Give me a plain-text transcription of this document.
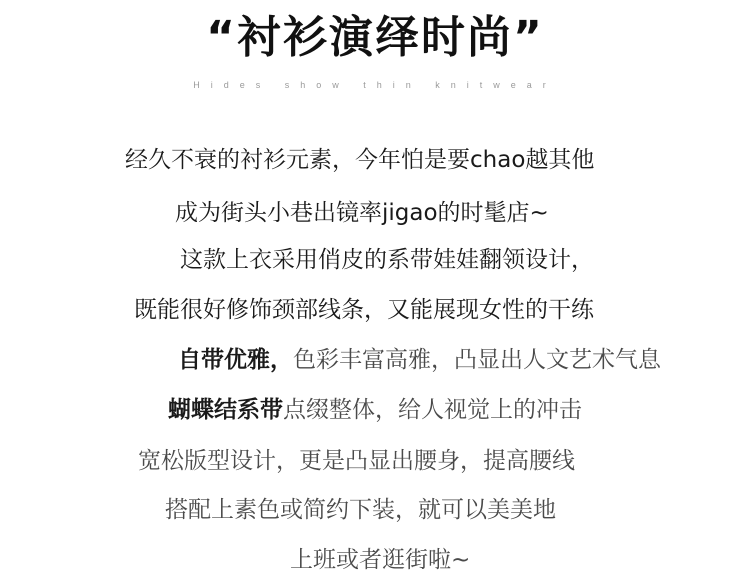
“衬衫演绎时尚”
Hides show thin knitwear
经久不衰的衬衫元素，今年怕是要chao越其他
成为街头小巷出镜率jigao的时髦店~
这款上衣采用俏皮的系带娃娃翻领设计，
既能很好修饰颈部线条，又能展现女性的干练
自带优雅，色彩丰富高雅，凸显出人文艺术气息
蝴蝶结系带点缀整体，给人视觉上的冲击
宽松版型设计，更是凸显出腰身，提高腰线
搭配上素色或简约下装，就可以美美地
上班或者逛街啦~
